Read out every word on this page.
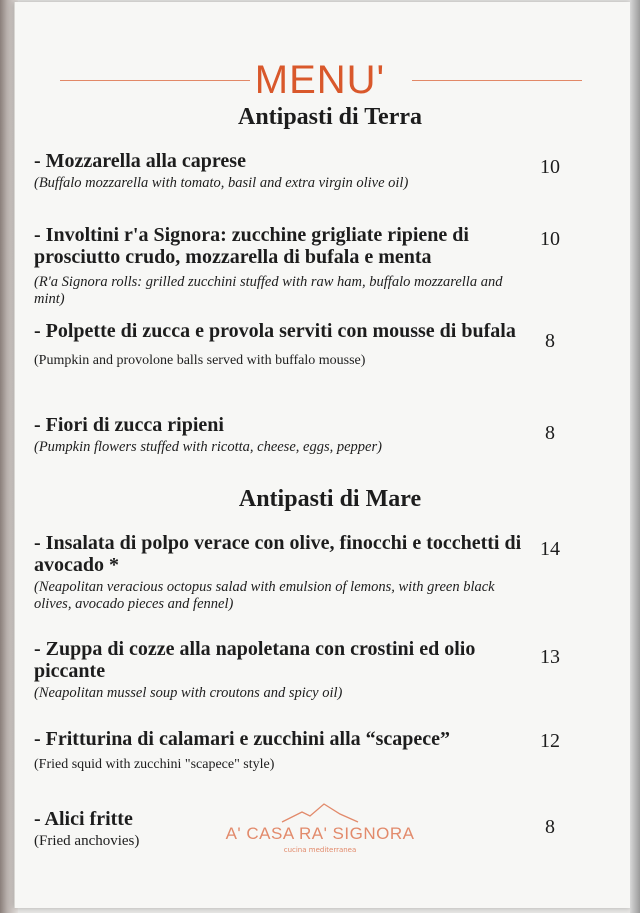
MENU'
Antipasti di Terra
- Mozzarella alla caprese
(Buffalo mozzarella with tomato, basil and extra virgin olive oil)
10
- Involtini r'a Signora: zucchine grigliate ripiene di prosciutto crudo, mozzarella di bufala e menta
(R'a Signora rolls: grilled zucchini stuffed with raw ham, buffalo mozzarella and mint)
10
- Polpette di zucca e provola serviti con mousse di bufala
(Pumpkin and provolone balls served with buffalo mousse)
8
- Fiori di zucca ripieni
(Pumpkin flowers stuffed with ricotta, cheese, eggs, pepper)
8
Antipasti di Mare
- Insalata di polpo verace con olive, finocchi e tocchetti di avocado *
(Neapolitan veracious octopus salad with emulsion of lemons, with green black olives, avocado pieces and fennel)
14
- Zuppa di cozze alla napoletana con crostini ed olio piccante
(Neapolitan mussel soup with croutons and spicy oil)
13
- Fritturina di calamari e zucchini alla “scapece”
(Fried squid with zucchini "scapece" style)
12
- Alici fritte
(Fried anchovies)
8
A' CASA RA' SIGNORA
cucina mediterranea
